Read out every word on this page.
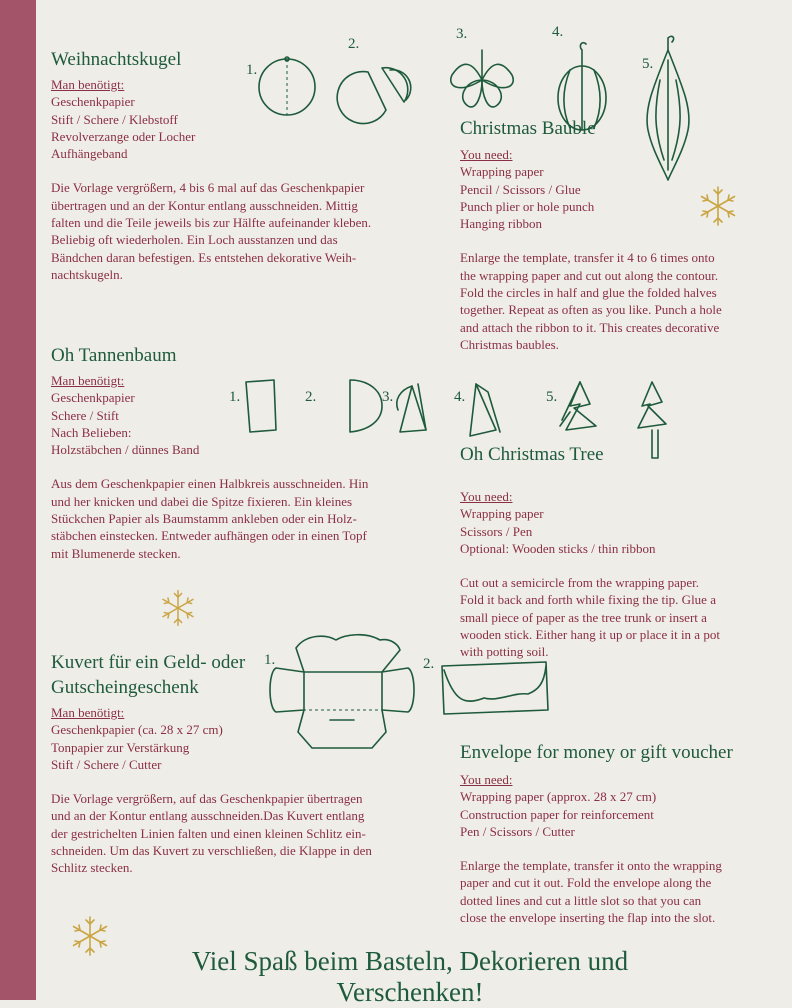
Weihnachtskugel
Man benötigt:
Geschenkpapier
Stift / Schere / Klebstoff
Revolverzange oder Locher
Aufhängeband
Die Vorlage vergrößern, 4 bis 6 mal auf das Geschenkpapier
übertragen und an der Kontur entlang ausschneiden. Mittig
falten und die Teile jeweils bis zur Hälfte aufeinander kleben.
Beliebig oft wiederholen. Ein Loch ausstanzen und das
Bändchen daran befestigen. Es entstehen dekorative Weih-
nachtskugeln.
1.
2.
3.	4.
5.
Christmas Bauble
You need:
Wrapping paper
Pencil / Scissors / Glue
Punch plier or hole punch
Hanging ribbon
Enlarge the template, transfer it 4 to 6 times onto
the wrapping paper and cut out along the contour.
Fold the circles in half and glue the folded halves
together. Repeat as often as you like. Punch a hole
and attach the ribbon to it. This creates decorative
Christmas baubles.
Oh Tannenbaum
Man benötigt:
Geschenkpapier
Schere / Stift
Nach Belieben:
Holzstäbchen / dünnes Band
Aus dem Geschenkpapier einen Halbkreis ausschneiden. Hin
und her knicken und dabei die Spitze fixieren. Ein kleines
Stückchen Papier als Baumstamm ankleben oder ein Holz-
stäbchen einstecken. Entweder aufhängen oder in einen Topf
mit Blumenerde stecken.
1.	2.	3.	4.	5.
Oh Christmas Tree
You need:
Wrapping paper
Scissors / Pen
Optional: Wooden sticks / thin ribbon
Cut out a semicircle from the wrapping paper.
Fold it back and forth while fixing the tip. Glue a
small piece of paper as the tree trunk or insert a
wooden stick. Either hang it up or place it in a pot
with potting soil.
Kuvert für ein Geld- oder
Gutscheingeschenk
Man benötigt:
Geschenkpapier (ca. 28 x 27 cm)
Tonpapier zur Verstärkung
Stift / Schere / Cutter
Die Vorlage vergrößern, auf das Geschenkpapier übertragen
und an der Kontur entlang ausschneiden.Das Kuvert entlang
der gestrichelten Linien falten und einen kleinen Schlitz ein-
schneiden. Um das Kuvert zu verschließen, die Klappe in den
Schlitz stecken.
1.	2.
Envelope for money or gift voucher
You need:
Wrapping paper (approx. 28 x 27 cm)
Construction paper for reinforcement
Pen / Scissors / Cutter
Enlarge the template, transfer it onto the wrapping
paper and cut it out. Fold the envelope along the
dotted lines and cut a little slot so that you can
close the envelope inserting the flap into the slot.
Viel Spaß beim Basteln, Dekorieren und Verschenken!
